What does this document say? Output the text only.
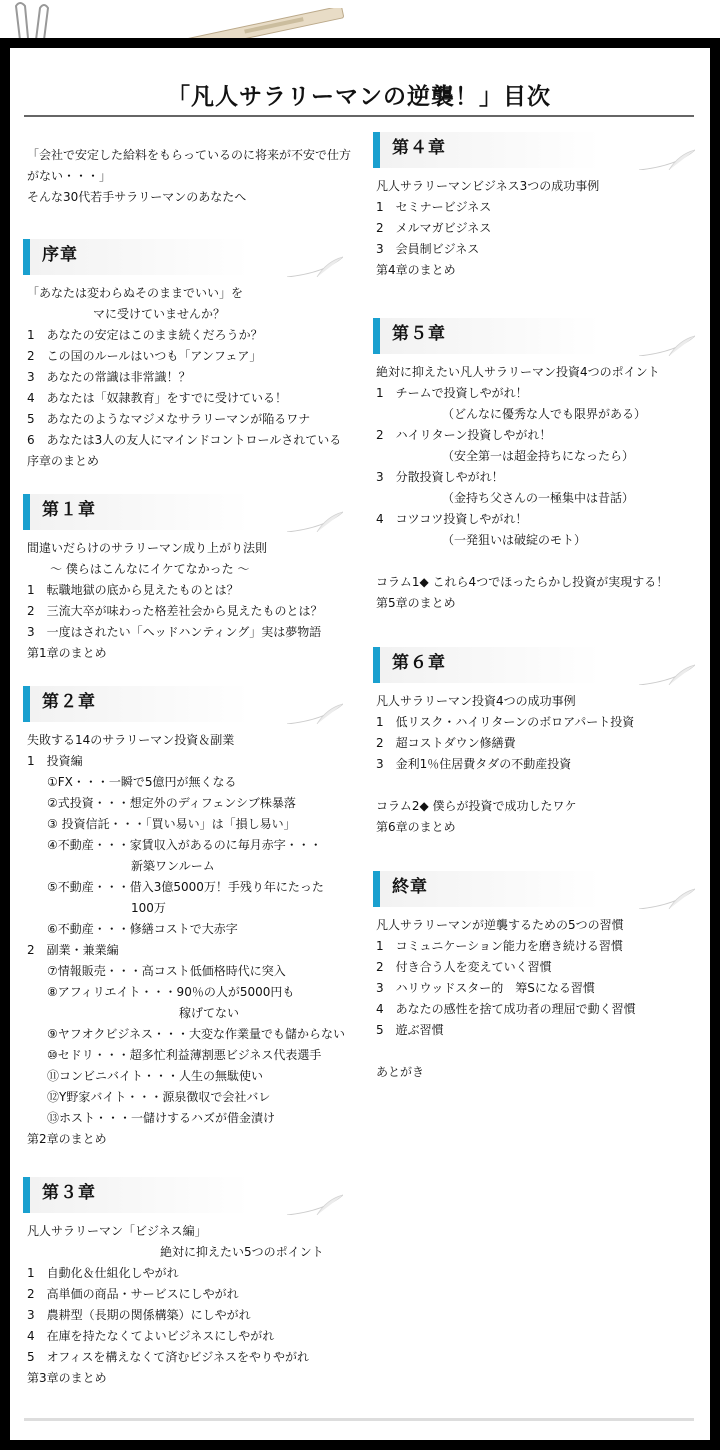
「凡人サラリーマンの逆襲！」目次
「会社で安定した給料をもらっているのに将来が不安で仕方
がない・・・」
そんな30代若手サラリーマンのあなたへ
序章
「あなたは変わらぬそのままでいい」を
マに受けていませんか？
1　あなたの安定はこのまま続くだろうか？
2　この国のルールはいつも「アンフェア」
3　あなたの常識は非常識！？
4　あなたは「奴隷教育」をすでに受けている！
5　あなたのようなマジメなサラリーマンが陥るワナ
6　あなたは3人の友人にマインドコントロールされている
序章のまとめ
第１章
間違いだらけのサラリーマン成り上がり法則
～ 僕らはこんなにイケてなかった ～
1　転職地獄の底から見えたものとは？
2　三流大卒が味わった格差社会から見えたものとは？
3　一度はされたい「ヘッドハンティング」実は夢物語
第1章のまとめ
第２章
失敗する14のサラリーマン投資＆副業
1　投資編
①FX・・・一瞬で5億円が無くなる
②式投資・・・想定外のディフェンシブ株暴落
③ 投資信託・・・「買い易い」は「損し易い」
④不動産・・・家賃収入があるのに毎月赤字・・・
新築ワンルーム
⑤不動産・・・借入3億5000万！手残り年にたった
100万
⑥不動産・・・修繕コストで大赤字
2　副業・兼業編
⑦情報販売・・・高コスト低価格時代に突入
⑧アフィリエイト・・・90％の人が5000円も
稼げてない
⑨ヤフオクビジネス・・・大変な作業量でも儲からない
⑩セドリ・・・超多忙利益薄割悪ビジネス代表選手
⑪コンビニバイト・・・人生の無駄使い
⑫Y野家バイト・・・源泉徴収で会社バレ
⑬ホスト・・・一儲けするハズが借金漬け
第2章のまとめ
第３章
凡人サラリーマン「ビジネス編」
絶対に抑えたい5つのポイント
1　自動化＆仕組化しやがれ
2　高単価の商品・サービスにしやがれ
3　農耕型（長期の関係構築）にしやがれ
4　在庫を持たなくてよいビジネスにしやがれ
5　オフィスを構えなくて済むビジネスをやりやがれ
第3章のまとめ
第４章
凡人サラリーマンビジネス3つの成功事例
1　セミナービジネス
2　メルマガビジネス
3　会員制ビジネス
第4章のまとめ
第５章
絶対に抑えたい凡人サラリーマン投資4つのポイント
1　チームで投資しやがれ！
（どんなに優秀な人でも限界がある）
2　ハイリターン投資しやがれ！
（安全第一は超金持ちになったら）
3　分散投資しやがれ！
（金持ち父さんの一極集中は昔話）
4　コツコツ投資しやがれ！
（一発狙いは破綻のモト）
コラム1◆ これら4つでほったらかし投資が実現する！
第5章のまとめ
第６章
凡人サラリーマン投資4つの成功事例
1　低リスク・ハイリターンのボロアパート投資
2　超コストダウン修繕費
3　金利1％住居費タダの不動産投資
コラム2◆ 僕らが投資で成功したワケ
第6章のまとめ
終章
凡人サラリーマンが逆襲するための5つの習慣
1　コミュニケーション能力を磨き続ける習慣
2　付き合う人を変えていく習慣
3　ハリウッドスター的　筹Sになる習慣
4　あなたの感性を捨て成功者の理屈で動く習慣
5　遊ぶ習慣
あとがき
